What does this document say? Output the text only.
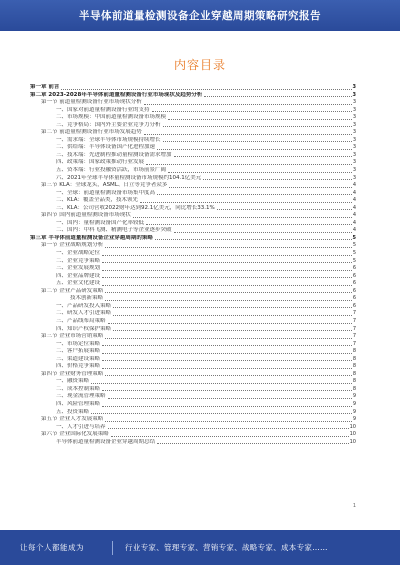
半导体前道量检测设备企业穿越周期策略研究报告
内容目录
第一章 前言	3
第二章 2023-2028年半导体前道量检测设备行业市场现状及趋势分析	3
第一节 前道量检测设备行业市场现状分析	3
一、国家对前道量检测设备行业的支持	3
二、市场规模：中国前道量检测设备市场规模	3
三、竞争格局：国内外主要企业竞争力分析	3
第二节 前道量检测设备行业市场发展趋势	3
一、需求端：全球半导体市场规模持续增长	3
二、供给端：半导体设备国产化进程加速	3
三、技术端：先进制程推动量检测设备需求增加	3
四、政策端：国家政策推动行业发展	3
五、资本端：行业投融资活跃，市场前景广阔	3
六、2021年全球半导体量检测设备市场规模约104.1亿美元	3
第三节 KLA：全球龙头，ASML、日立等竞争者众多	4
一、全球：前道量检测设备市场集中度高	4
二、KLA：覆盖全品类，技术领先	4
三、KLA：公司营收2022财年达到92.1亿美元，同比增长33.1%	4
第四节 国内前道量检测设备市场现状	4
一、国内：量检测设备国产化率较低	4
二、国内：中科飞测、精测电子等企业逐步突破	4
第三章 半导体前道量检测设备企业穿越周期的策略	5
第一节 企业战略规划分析	5
一、企业战略定位	5
二、企业竞争策略	5
三、企业发展规划	6
四、企业品牌建设	6
五、企业文化建设	6
第二节 企业产品研发策略	6
技术创新策略	6
一、产品研发投入策略	6
二、研发人才引进策略	7
三、产品线布局策略	7
四、知识产权保护策略	7
第三节 企业市场营销策略	7
一、市场定位策略	7
二、客户拓展策略	8
三、渠道建设策略	8
四、价格竞争策略	8
第四节 企业财务管理策略	8
一、融资策略	8
二、成本控制策略	8
三、现金流管理策略	9
四、风险管理策略	9
五、投资策略	9
第五节 企业人才发展策略	9
一、人才引进与培养	10
第六节 企业国际化发展策略	10
半导体前道量检测设备企业穿越周期总结	10
1
让每个人都能成为	行业专家、管理专家、营销专家、战略专家、成本专家……
